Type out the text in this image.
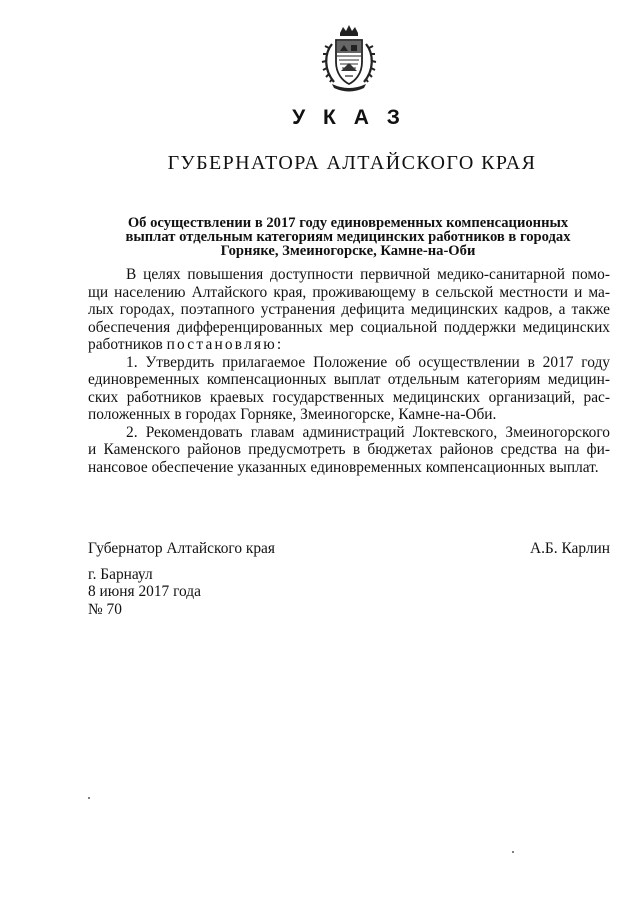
У К А З
ГУБЕРНАТОРА АЛТАЙСКОГО КРАЯ
Об осуществлении в 2017 году единовременных компенсационных
выплат отдельным категориям медицинских работников в городах
Горняке, Змеиногорске, Камне-на-Оби
В целях повышения доступности первичной медико-санитарной помо-
щи населению Алтайского края, проживающему в сельской местности и ма-
лых городах, поэтапного устранения дефицита медицинских кадров, а также
обеспечения дифференцированных мер социальной поддержки медицинских
работников постановляю:
1. Утвердить прилагаемое Положение об осуществлении в 2017 году
единовременных компенсационных выплат отдельным категориям медицин-
ских работников краевых государственных медицинских организаций, рас-
положенных в городах Горняке, Змеиногорске, Камне-на-Оби.
2. Рекомендовать главам администраций Локтевского, Змеиногорского
и Каменского районов предусмотреть в бюджетах районов средства на фи-
нансовое обеспечение указанных единовременных компенсационных выплат.
Губернатор Алтайского края	А.Б. Карлин
г. Барнаул
8 июня 2017 года
№ 70
